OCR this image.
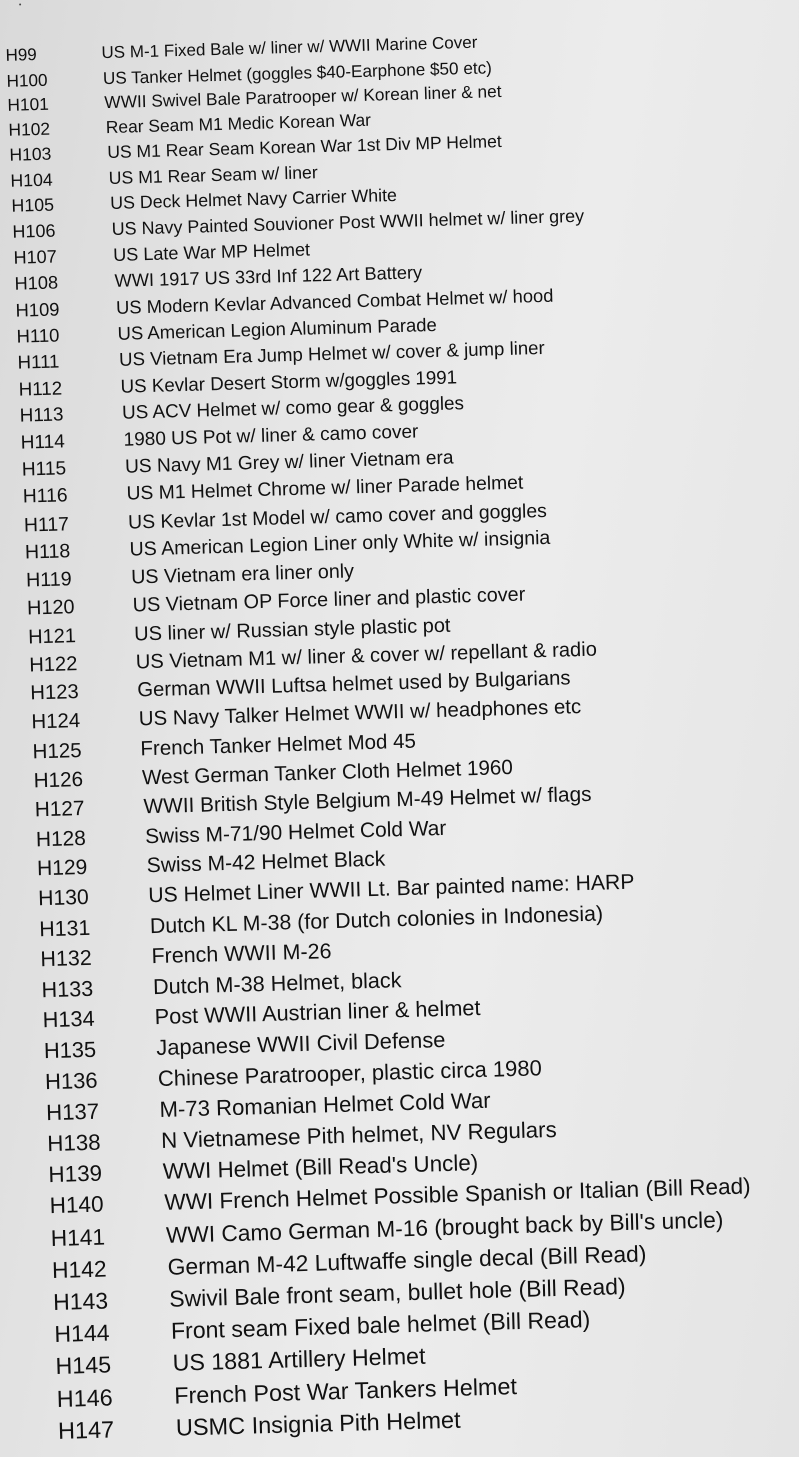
H99	US M-1 Fixed Bale w/ liner w/ WWII Marine Cover
H100	US Tanker Helmet (goggles $40-Earphone $50 etc)
H101	WWII Swivel Bale Paratrooper w/ Korean liner & net
H102	Rear Seam M1 Medic Korean War
H103	US M1 Rear Seam Korean War 1st Div MP Helmet
H104	US M1 Rear Seam w/ liner
H105	US Deck Helmet Navy Carrier White
H106	US Navy Painted Souvioner Post WWII helmet w/ liner grey
H107	US Late War MP Helmet
H108	WWI 1917 US 33rd Inf 122 Art Battery
H109	US Modern Kevlar Advanced Combat Helmet w/ hood
H110	US American Legion Aluminum Parade
H111	US Vietnam Era Jump Helmet w/ cover & jump liner
H112	US Kevlar Desert Storm w/goggles 1991
H113	US ACV Helmet w/ como gear & goggles
H114	1980 US Pot w/ liner & camo cover
H115	US Navy M1 Grey w/ liner Vietnam era
H116	US M1 Helmet Chrome w/ liner Parade helmet
H117	US Kevlar 1st Model w/ camo cover and goggles
H118	US American Legion Liner only White w/ insignia
H119	US Vietnam era liner only
H120	US Vietnam OP Force liner and plastic cover
H121	US liner w/ Russian style plastic pot
H122	US Vietnam M1 w/ liner & cover w/ repellant & radio
H123	German WWII Luftsa helmet used by Bulgarians
H124	US Navy Talker Helmet WWII w/ headphones etc
H125	French Tanker Helmet Mod 45
H126	West German Tanker Cloth Helmet 1960
H127	WWII British Style Belgium M-49 Helmet w/ flags
H128	Swiss M-71/90 Helmet Cold War
H129	Swiss M-42 Helmet Black
H130	US Helmet Liner WWII Lt. Bar painted name: HARP
H131	Dutch KL M-38 (for Dutch colonies in Indonesia)
H132	French WWII M-26
H133	Dutch M-38 Helmet, black
H134	Post WWII Austrian liner & helmet
H135	Japanese WWII Civil Defense
H136	Chinese Paratrooper, plastic circa 1980
H137	M-73 Romanian Helmet Cold War
H138	N Vietnamese Pith helmet, NV Regulars
H139	WWI Helmet (Bill Read's Uncle)
H140	WWI French Helmet Possible Spanish or Italian (Bill Read)
H141	WWI Camo German M-16 (brought back by Bill's uncle)
H142	German M-42 Luftwaffe single decal (Bill Read)
H143	Swivil Bale front seam, bullet hole (Bill Read)
H144	Front seam Fixed bale helmet (Bill Read)
H145	US 1881 Artillery Helmet
H146	French Post War Tankers Helmet
H147	USMC Insignia Pith Helmet
